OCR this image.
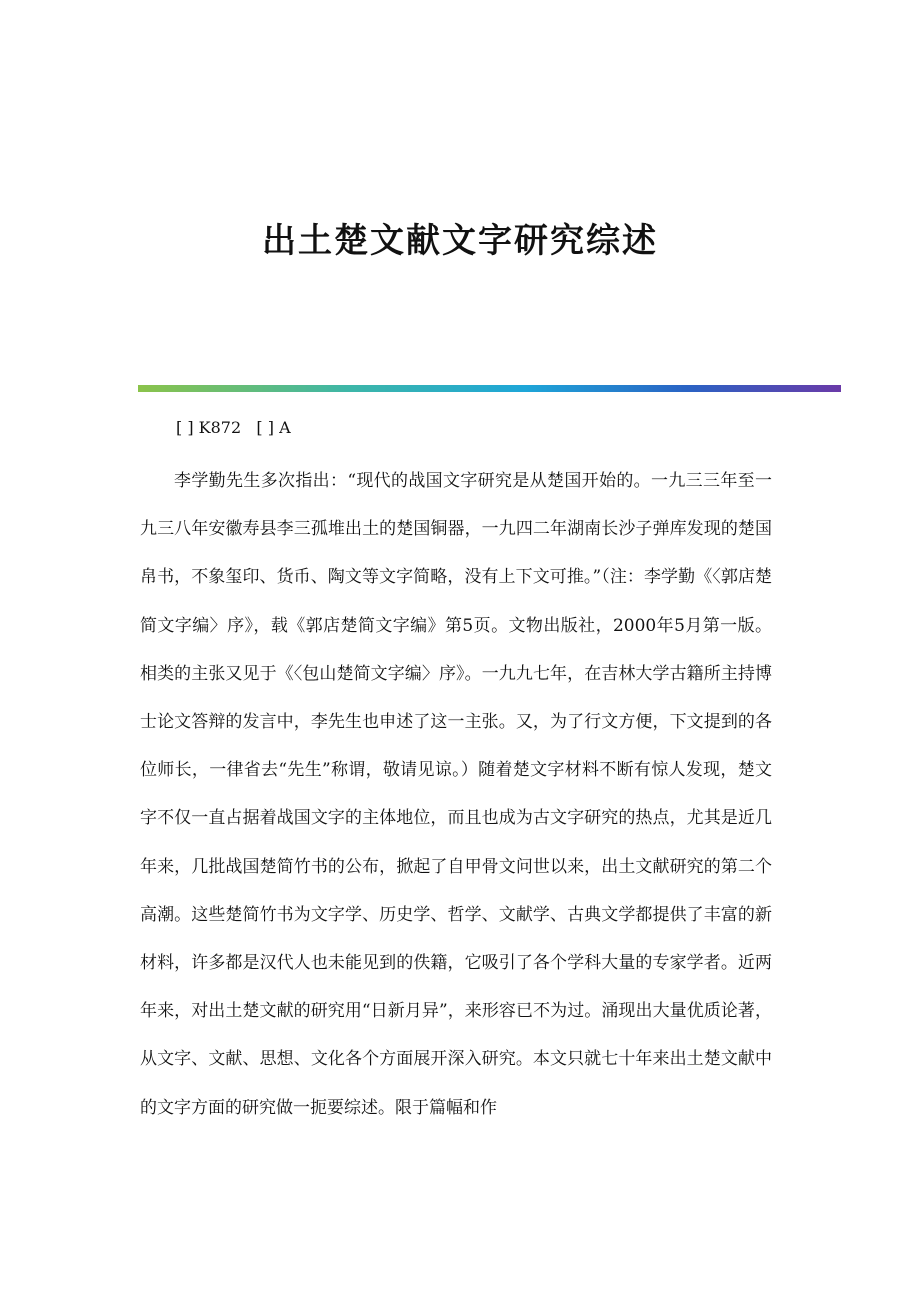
出土楚文献文字研究综述
[ ] K872   [ ] A

李学勤先生多次指出：“现代的战国文字研究是从楚国开始的。一九三三年至一九三八年安徽寿县李三孤堆出土的楚国铜器，一九四二年湖南长沙子弹库发现的楚国帛书，不象玺印、货币、陶文等文字简略，没有上下文可推。”（注：李学勤《〈郭店楚简文字编〉序》，载《郭店楚简文字编》第5页。文物出版社，2000年5月第一版。相类的主张又见于《〈包山楚简文字编〉序》。一九九七年，在吉林大学古籍所主持博士论文答辩的发言中，李先生也申述了这一主张。又，为了行文方便，下文提到的各位师长，一律省去“先生”称谓，敬请见谅。）随着楚文字材料不断有惊人发现，楚文字不仅一直占据着战国文字的主体地位，而且也成为古文字研究的热点，尤其是近几年来，几批战国楚简竹书的公布，掀起了自甲骨文问世以来，出土文献研究的第二个高潮。这些楚简竹书为文字学、历史学、哲学、文献学、古典文学都提供了丰富的新材料，许多都是汉代人也未能见到的佚籍，它吸引了各个学科大量的专家学者。近两年来，对出土楚文献的研究用“日新月异”，来形容已不为过。涌现出大量优质论著，从文字、文献、思想、文化各个方面展开深入研究。本文只就七十年来出土楚文献中的文字方面的研究做一扼要综述。限于篇幅和作
